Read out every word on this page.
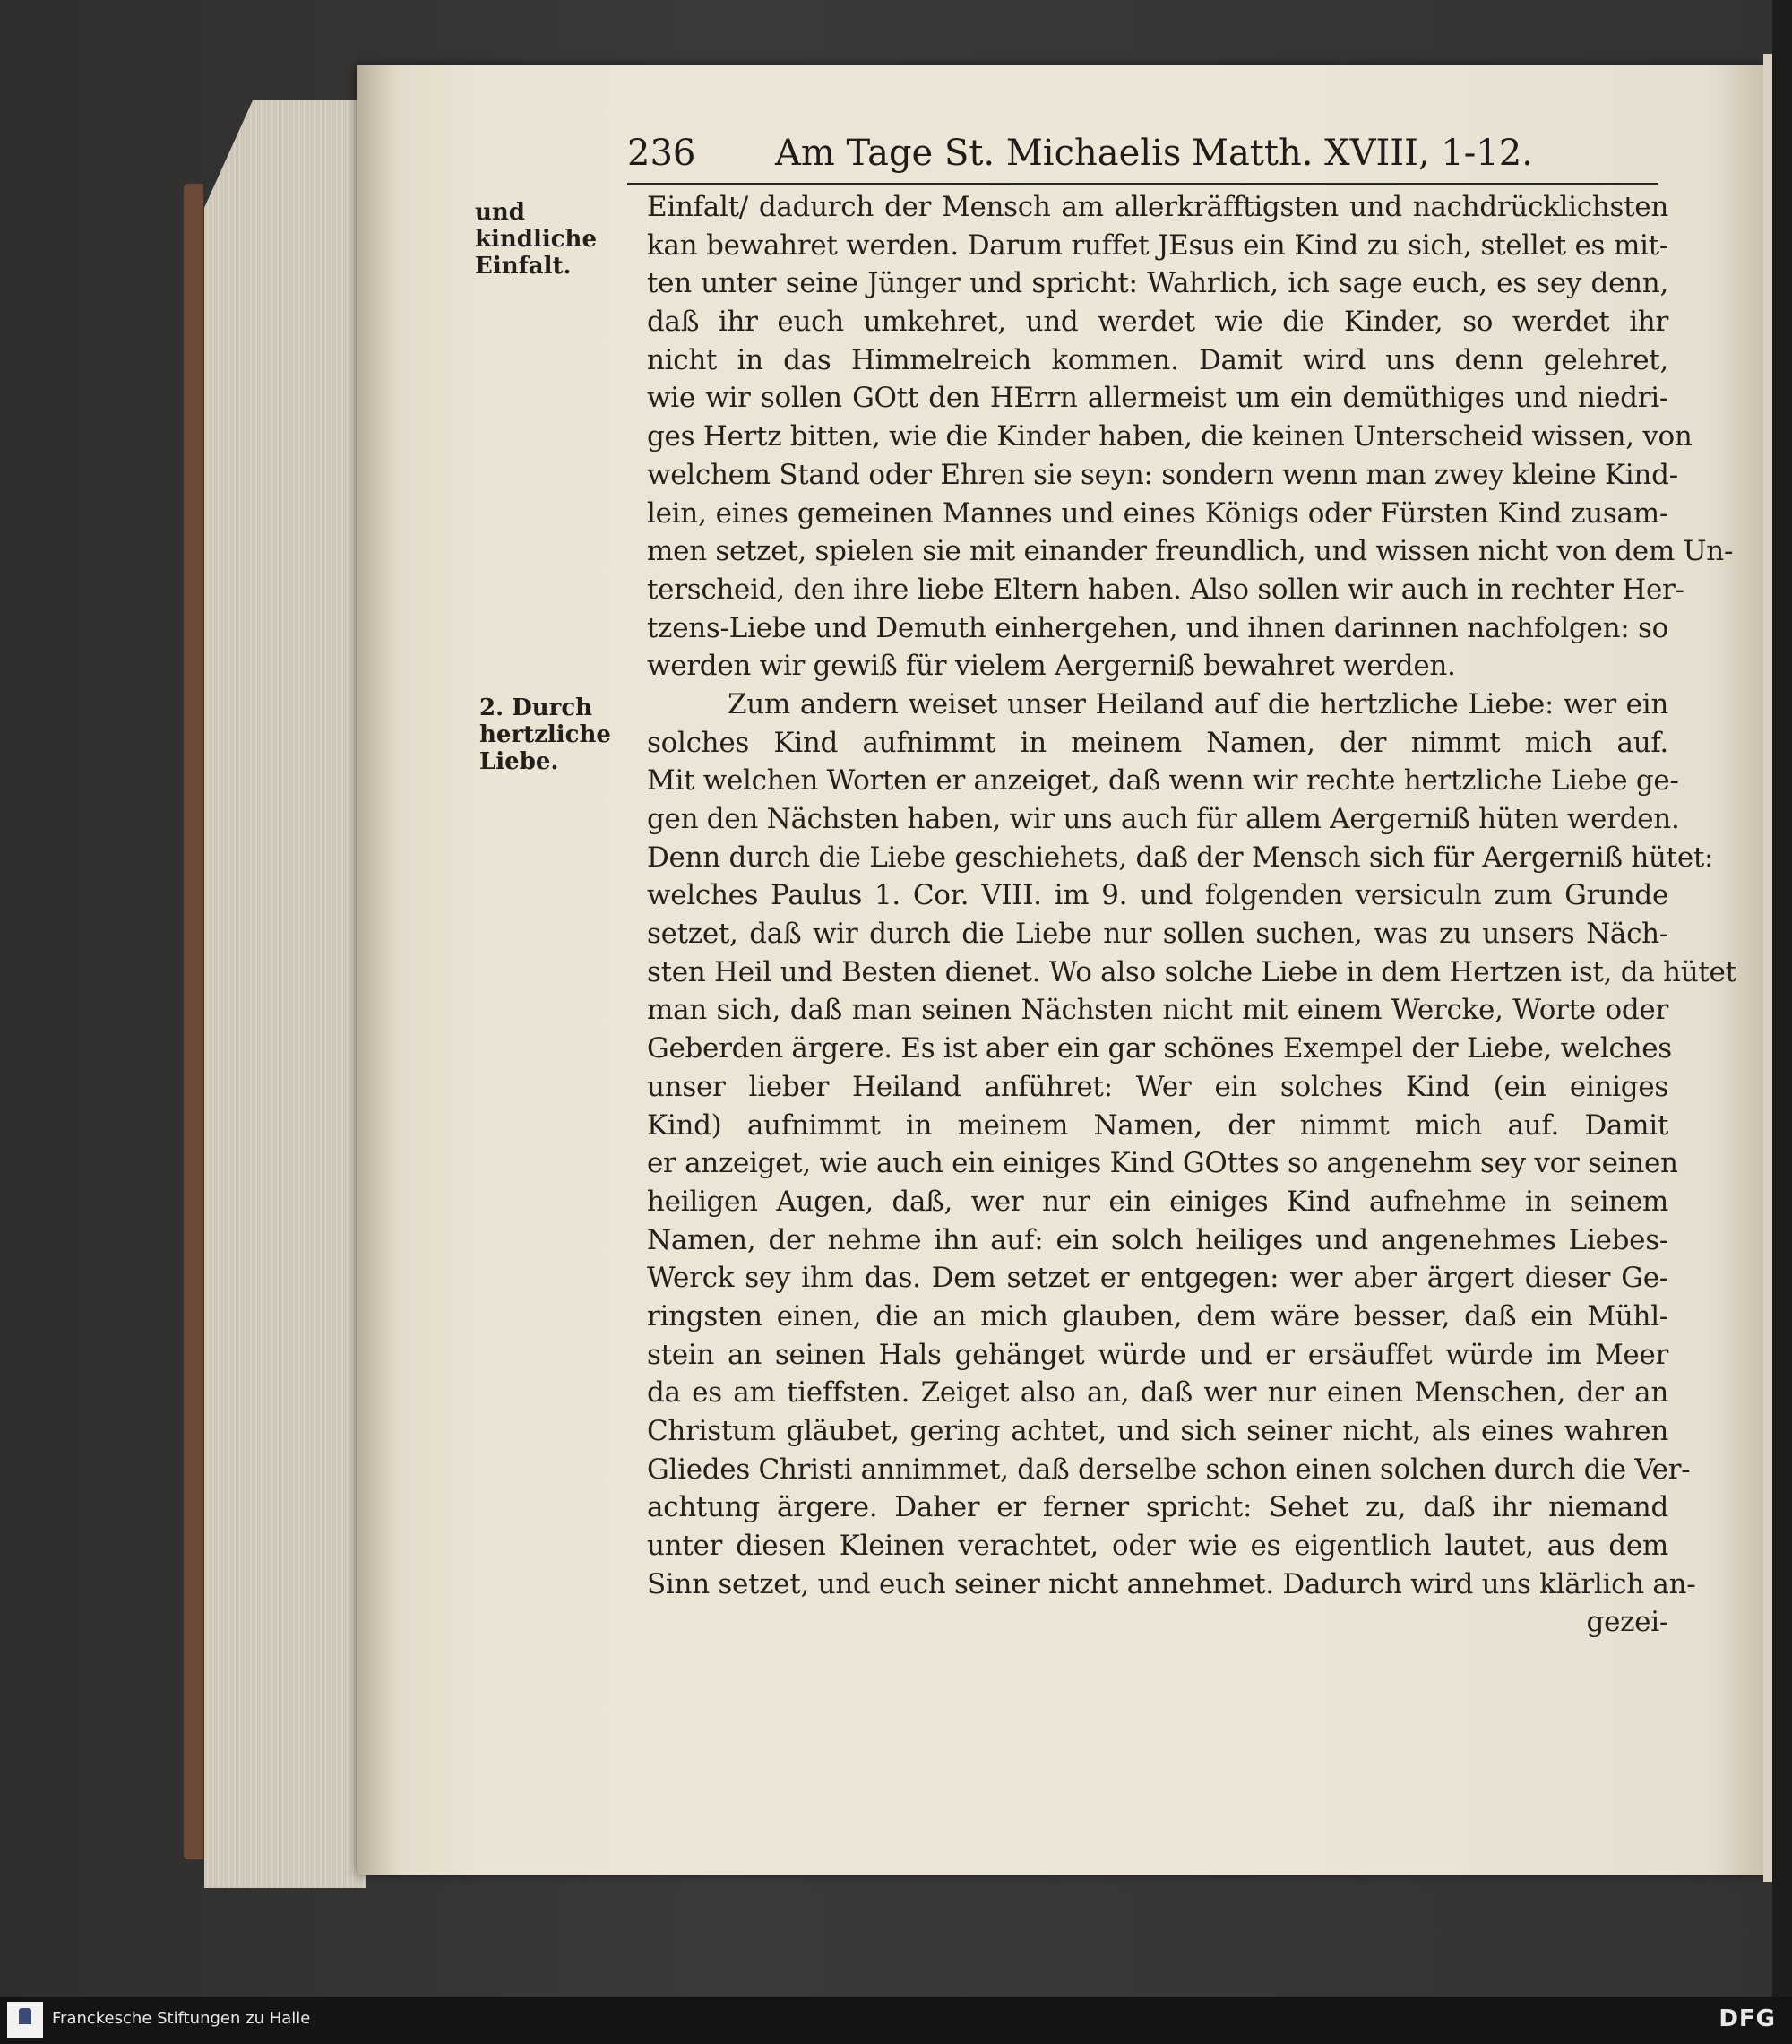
236 Am Tage St. Michaelis Matth. XVIII, 1-12.
und kindliche Einfalt.
2. Durch hertzliche Liebe.
Einfalt/ dadurch der Mensch am allerkräfftigsten und nachdrücklichsten
kan bewahret werden. Darum ruffet JEsus ein Kind zu sich, stellet es mit-
ten unter seine Jünger und spricht: Wahrlich, ich sage euch, es sey denn,
daß ihr euch umkehret, und werdet wie die Kinder, so werdet ihr
nicht in das Himmelreich kommen. Damit wird uns denn gelehret,
wie wir sollen GOtt den HErrn allermeist um ein demüthiges und niedri-
ges Hertz bitten, wie die Kinder haben, die keinen Unterscheid wissen, von
welchem Stand oder Ehren sie seyn: sondern wenn man zwey kleine Kind-
lein, eines gemeinen Mannes und eines Königs oder Fürsten Kind zusam-
men setzet, spielen sie mit einander freundlich, und wissen nicht von dem Un-
terscheid, den ihre liebe Eltern haben. Also sollen wir auch in rechter Her-
tzens-Liebe und Demuth einhergehen, und ihnen darinnen nachfolgen: so
werden wir gewiß für vielem Aergerniß bewahret werden.
Zum andern weiset unser Heiland auf die hertzliche Liebe: wer ein
solches Kind aufnimmt in meinem Namen, der nimmt mich auf.
Mit welchen Worten er anzeiget, daß wenn wir rechte hertzliche Liebe ge-
gen den Nächsten haben, wir uns auch für allem Aergerniß hüten werden.
Denn durch die Liebe geschiehets, daß der Mensch sich für Aergerniß hütet:
welches Paulus 1. Cor. VIII. im 9. und folgenden versiculn zum Grunde
setzet, daß wir durch die Liebe nur sollen suchen, was zu unsers Näch-
sten Heil und Besten dienet. Wo also solche Liebe in dem Hertzen ist, da hütet
man sich, daß man seinen Nächsten nicht mit einem Wercke, Worte oder
Geberden ärgere. Es ist aber ein gar schönes Exempel der Liebe, welches
unser lieber Heiland anführet: Wer ein solches Kind (ein einiges
Kind) aufnimmt in meinem Namen, der nimmt mich auf. Damit
er anzeiget, wie auch ein einiges Kind GOttes so angenehm sey vor seinen
heiligen Augen, daß, wer nur ein einiges Kind aufnehme in seinem
Namen, der nehme ihn auf: ein solch heiliges und angenehmes Liebes-
Werck sey ihm das. Dem setzet er entgegen: wer aber ärgert dieser Ge-
ringsten einen, die an mich glauben, dem wäre besser, daß ein Mühl-
stein an seinen Hals gehänget würde und er ersäuffet würde im Meer
da es am tieffsten. Zeiget also an, daß wer nur einen Menschen, der an
Christum gläubet, gering achtet, und sich seiner nicht, als eines wahren
Gliedes Christi annimmet, daß derselbe schon einen solchen durch die Ver-
achtung ärgere. Daher er ferner spricht: Sehet zu, daß ihr niemand
unter diesen Kleinen verachtet, oder wie es eigentlich lautet, aus dem
Sinn setzet, und euch seiner nicht annehmet. Dadurch wird uns klärlich an-
gezei-
Franckesche Stiftungen zu Halle	DFG
